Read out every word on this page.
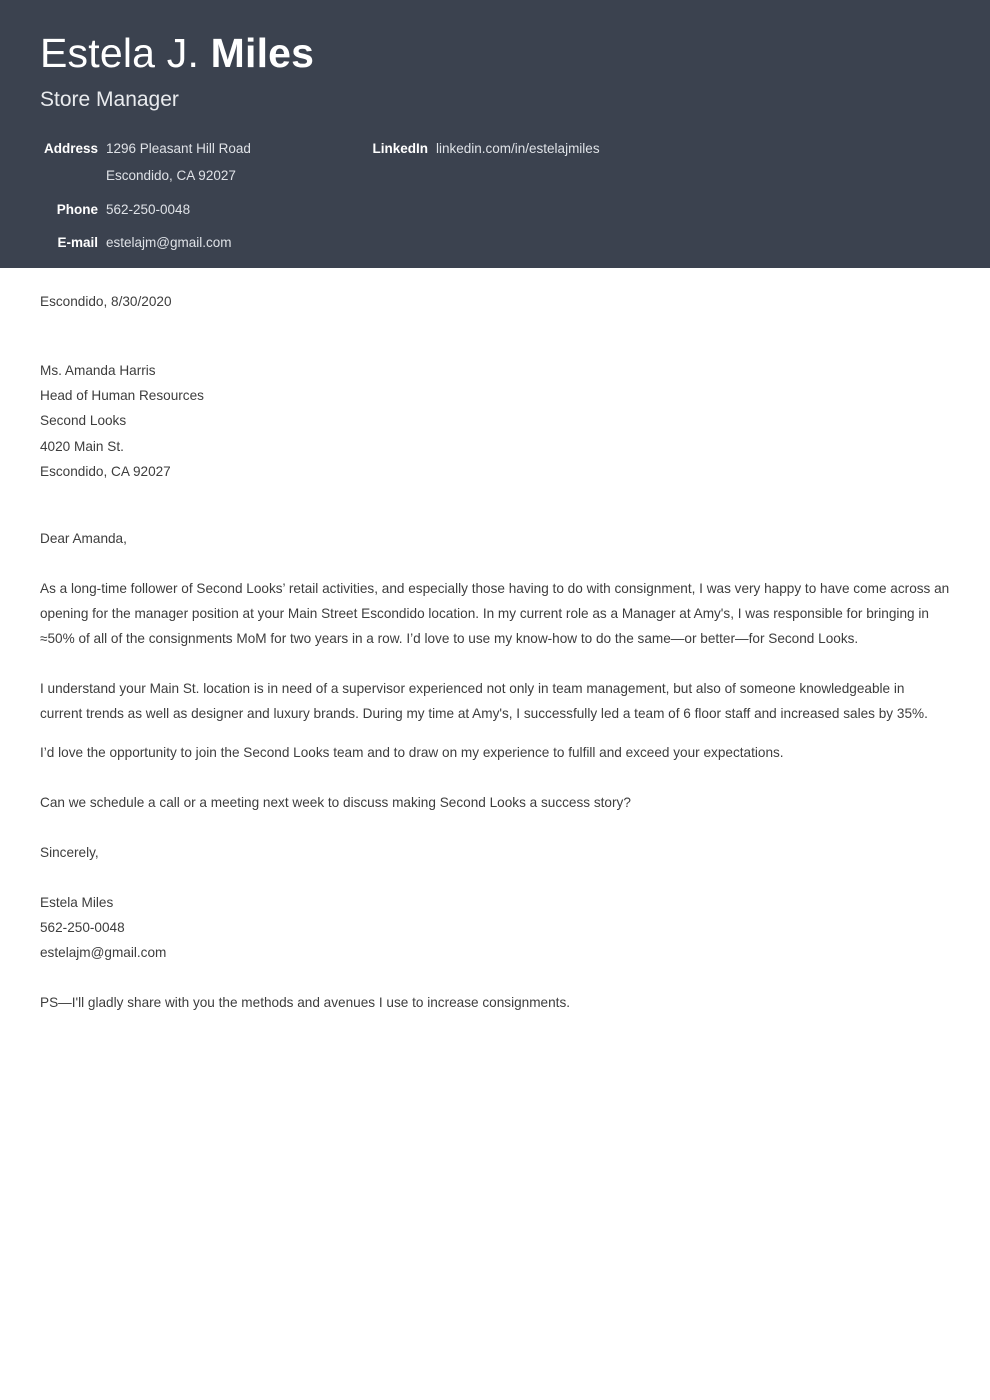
Estela J. Miles
Store Manager
Address 1296 Pleasant Hill Road
Escondido, CA 92027
Phone 562-250-0048
E-mail estelajm@gmail.com
LinkedIn linkedin.com/in/estelajmiles
Escondido, 8/30/2020
Ms. Amanda Harris
Head of Human Resources
Second Looks
4020 Main St.
Escondido, CA 92027
Dear Amanda,

As a long-time follower of Second Looks’ retail activities, and especially those having to do with consignment, I was very happy to have come across an opening for the manager position at your Main Street Escondido location. In my current role as a Manager at Amy's, I was responsible for bringing in ≈50% of all of the consignments MoM for two years in a row. I’d love to use my know-how to do the same—or better—for Second Looks.

I understand your Main St. location is in need of a supervisor experienced not only in team management, but also of someone knowledgeable in current trends as well as designer and luxury brands. During my time at Amy's, I successfully led a team of 6 floor staff and increased sales by 35%.

I’d love the opportunity to join the Second Looks team and to draw on my experience to fulfill and exceed your expectations.

Can we schedule a call or a meeting next week to discuss making Second Looks a success story?

Sincerely,
Estela Miles
562-250-0048
estelajm@gmail.com
PS—I'll gladly share with you the methods and avenues I use to increase consignments.
